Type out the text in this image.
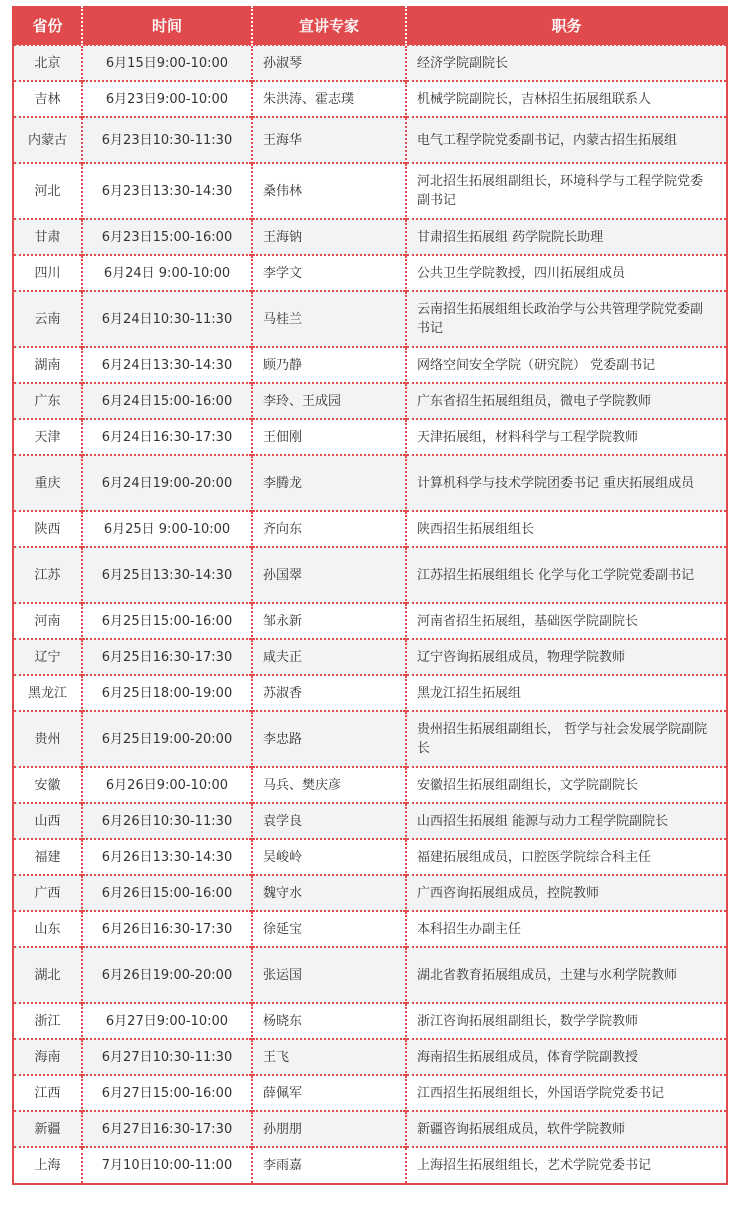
省份	时间	宣讲专家	职务
北京	6月15日9:00-10:00	孙淑琴	经济学院副院长
吉林	6月23日9:00-10:00	朱洪涛、霍志璞	机械学院副院长，吉林招生拓展组联系人
内蒙古	6月23日10:30-11:30	王海华	电气工程学院党委副书记，内蒙古招生拓展组
河北	6月23日13:30-14:30	桑伟林	河北招生拓展组副组长，环境科学与工程学院党委副书记
甘肃	6月23日15:00-16:00	王海钠	甘肃招生拓展组 药学院院长助理
四川	6月24日 9:00-10:00	李学文	公共卫生学院教授，四川拓展组成员
云南	6月24日10:30-11:30	马桂兰	云南招生拓展组组长政治学与公共管理学院党委副书记
湖南	6月24日13:30-14:30	顾乃静	网络空间安全学院（研究院） 党委副书记
广东	6月24日15:00-16:00	李玲、王成园	广东省招生拓展组组员，微电子学院教师
天津	6月24日16:30-17:30	王佃刚	天津拓展组，材料科学与工程学院教师
重庆	6月24日19:00-20:00	李腾龙	计算机科学与技术学院团委书记 重庆拓展组成员
陕西	6月25日 9:00-10:00	齐向东	陕西招生拓展组组长
江苏	6月25日13:30-14:30	孙国翠	江苏招生拓展组组长 化学与化工学院党委副书记
河南	6月25日15:00-16:00	邹永新	河南省招生拓展组，基础医学院副院长
辽宁	6月25日16:30-17:30	咸夫正	辽宁咨询拓展组成员，物理学院教师
黑龙江	6月25日18:00-19:00	苏淑香	黑龙江招生拓展组
贵州	6月25日19:00-20:00	李忠路	贵州招生拓展组副组长， 哲学与社会发展学院副院长
安徽	6月26日9:00-10:00	马兵、樊庆彦	安徽招生拓展组副组长，文学院副院长
山西	6月26日10:30-11:30	袁学良	山西招生拓展组 能源与动力工程学院副院长
福建	6月26日13:30-14:30	吴峻岭	福建拓展组成员，口腔医学院综合科主任
广西	6月26日15:00-16:00	魏守水	广西咨询拓展组成员，控院教师
山东	6月26日16:30-17:30	徐延宝	本科招生办副主任
湖北	6月26日19:00-20:00	张运国	湖北省教育拓展组成员，土建与水利学院教师
浙江	6月27日9:00-10:00	杨晓东	浙江咨询拓展组副组长，数学学院教师
海南	6月27日10:30-11:30	王飞	海南招生拓展组成员，体育学院副教授
江西	6月27日15:00-16:00	薛佩军	江西招生拓展组组长，外国语学院党委书记
新疆	6月27日16:30-17:30	孙朋朋	新疆咨询拓展组成员，软件学院教师
上海	7月10日10:00-11:00	李雨嘉	上海招生拓展组组长，艺术学院党委书记
